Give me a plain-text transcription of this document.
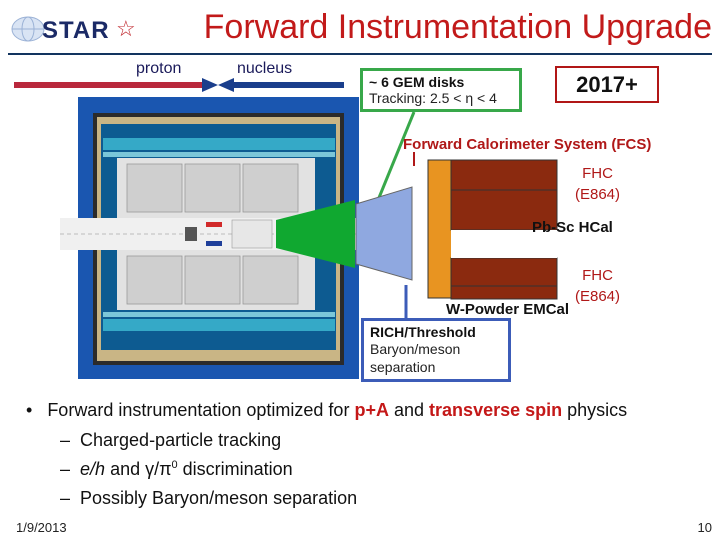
STAR ☆ Forward Instrumentation Upgrade
proton	nucleus
~ 6 GEM disks
Tracking: 2.5 < η < 4
2017+
Forward Calorimeter System (FCS)
FHC
(E864)
Pb-Sc HCal
FHC
(E864)
W-Powder EMCal
RICH/Threshold
Baryon/meson
separation
•   Forward instrumentation optimized for p+A and transverse spin physics
–  Charged-particle tracking
–  e/h and $\gamma/\pi^0$ discrimination
–  Possibly Baryon/meson separation
1/9/2013	10
